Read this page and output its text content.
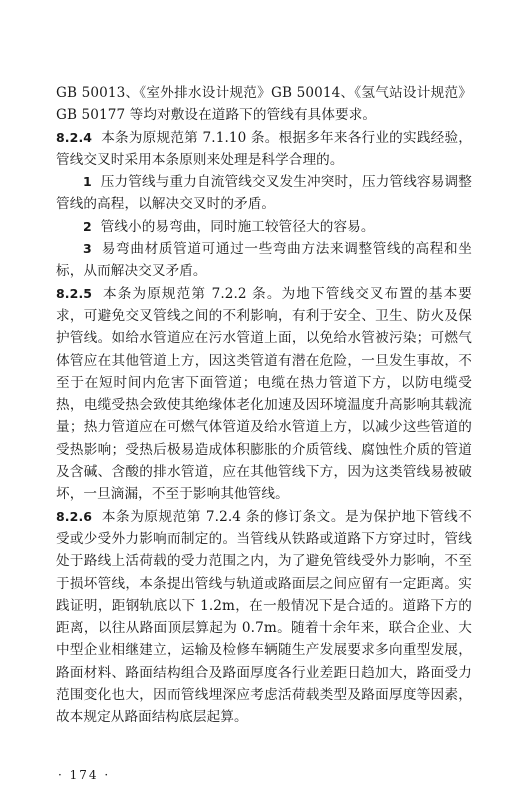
GB 50013、《室外排水设计规范》GB 50014、《氢气站设计规范》GB 50177 等均对敷设在道路下的管线有具体要求。

8.2.4 本条为原规范第 7.1.10 条。根据多年来各行业的实践经验，管线交叉时采用本条原则来处理是科学合理的。

1 压力管线与重力自流管线交叉发生冲突时，压力管线容易调整管线的高程，以解决交叉时的矛盾。

2 管线小的易弯曲，同时施工较管径大的容易。

3 易弯曲材质管道可通过一些弯曲方法来调整管线的高程和坐标，从而解决交叉矛盾。

8.2.5 本条为原规范第 7.2.2 条。为地下管线交叉布置的基本要求，可避免交叉管线之间的不利影响，有利于安全、卫生、防火及保护管线。如给水管道应在污水管道上面，以免给水管被污染；可燃气体管应在其他管道上方，因这类管道有潜在危险，一旦发生事故，不至于在短时间内危害下面管道；电缆在热力管道下方，以防电缆受热，电缆受热会致使其绝缘体老化加速及因环境温度升高影响其载流量；热力管道应在可燃气体管道及给水管道上方，以减少这些管道的受热影响；受热后极易造成体积膨胀的介质管线、腐蚀性介质的管道及含碱、含酸的排水管道，应在其他管线下方，因为这类管线易被破坏，一旦滴漏，不至于影响其他管线。

8.2.6 本条为原规范第 7.2.4 条的修订条文。是为保护地下管线不受或少受外力影响而制定的。当管线从铁路或道路下方穿过时，管线处于路线上活荷载的受力范围之内，为了避免管线受外力影响，不至于损坏管线，本条提出管线与轨道或路面层之间应留有一定距离。实践证明，距钢轨底以下 1.2m，在一般情况下是合适的。道路下方的距离，以往从路面顶层算起为 0.7m。随着十余年来，联合企业、大中型企业相继建立，运输及检修车辆随生产发展要求多向重型发展，路面材料、路面结构组合及路面厚度各行业差距日趋加大，路面受力范围变化也大，因而管线埋深应考虑活荷载类型及路面厚度等因素，故本规定从路面结构底层起算。

· 174 ·
